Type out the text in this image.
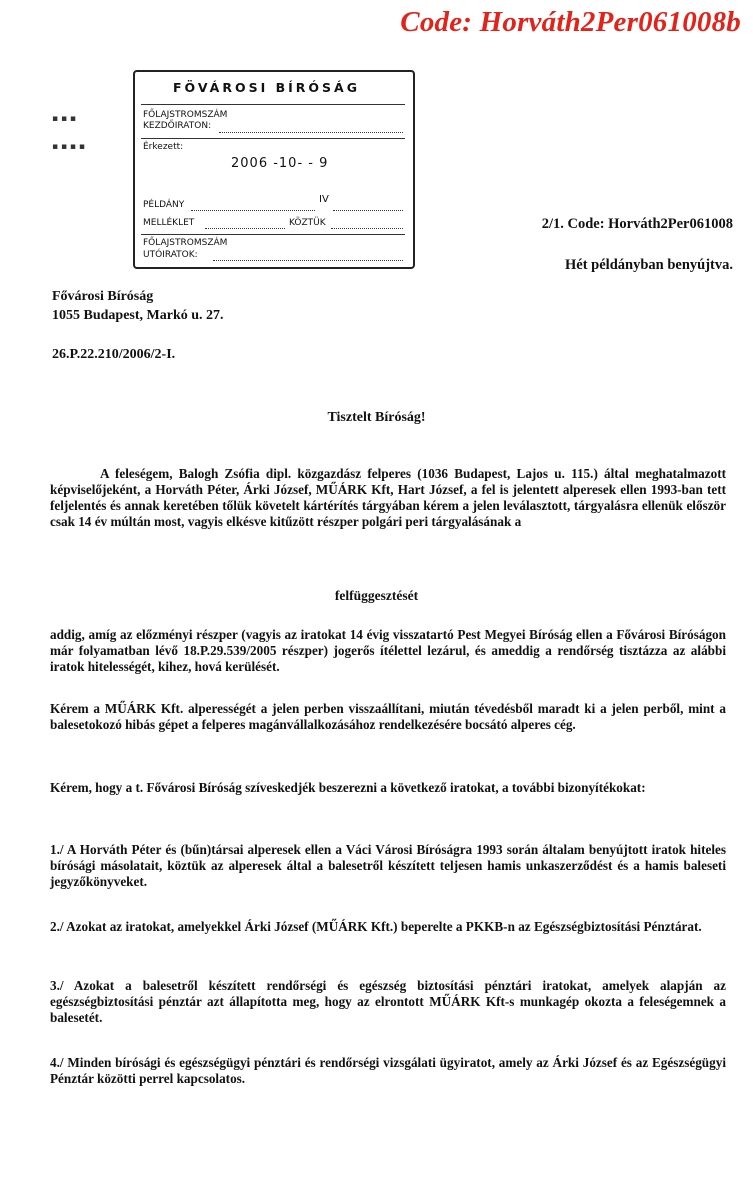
Code: Horváth2Per061008b
▪ ▪ ▪
▪ ▪ ▪ ▪
FÖVÁROSI BÍRÓSÁG
FŐLAJSTROMSZÁM
KEZDŐIRATON:
Érkezett:
2006 -10- - 9
PÉLDÁNY	IV
MELLÉKLET	KÖZTÜK
FŐLAJSTROMSZÁM
UTÓIRATOK:
2/1. Code: Horváth2Per061008
Hét példányban benyújtva.
Fővárosi Bíróság
1055 Budapest, Markó u. 27.
26.P.22.210/2006/2-I.
Tisztelt Bíróság!
A feleségem, Balogh Zsófia dipl. közgazdász felperes (1036 Budapest, Lajos u. 115.) által meghatalmazott képviselőjeként, a Horváth Péter, Árki József, MŰÁRK Kft, Hart József, a fel is jelentett alperesek ellen 1993-ban tett feljelentés és annak keretében tőlük követelt kártérítés tárgyában kérem a jelen leválasztott, tárgyalásra ellenük először csak 14 év múltán most, vagyis elkésve kitűzött részper polgári peri tárgyalásának a
felfüggesztését
addig, amíg az előzményi részper (vagyis az iratokat 14 évig visszatartó Pest Megyei Bíróság ellen a Fővárosi Bíróságon már folyamatban lévő 18.P.29.539/2005 részper) jogerős ítélettel lezárul, és ameddig a rendőrség tisztázza az alábbi iratok hitelességét, kihez, hová kerülését.
Kérem a MŰÁRK Kft. alperességét a jelen perben visszaállítani, miután tévedésből maradt ki a jelen perből, mint a balesetokozó hibás gépet a felperes magánvállalkozásához rendelkezésére bocsátó alperes cég.
Kérem, hogy a t. Fővárosi Bíróság szíveskedjék beszerezni a következő iratokat, a további bizonyítékokat:
1./ A Horváth Péter és (bűn)társai alperesek ellen a Váci Városi Bíróságra 1993 során általam benyújtott iratok hiteles bírósági másolatait, köztük az alperesek által a balesetről készített teljesen hamis unkaszerződést és a hamis baleseti jegyzőkönyveket.
2./ Azokat az iratokat, amelyekkel Árki József (MŰÁRK Kft.) beperelte a PKKB-n az Egészségbiztosítási Pénztárat.
3./ Azokat a balesetről készített rendőrségi és egészség biztosítási pénztári iratokat, amelyek alapján az egészségbiztosítási pénztár azt állapította meg, hogy az elrontott MŰÁRK Kft-s munkagép okozta a feleségemnek a balesetét.
4./ Minden bírósági és egészségügyi pénztári és rendőrségi vizsgálati ügyiratot, amely az Árki József és az Egészségügyi Pénztár közötti perrel kapcsolatos.
